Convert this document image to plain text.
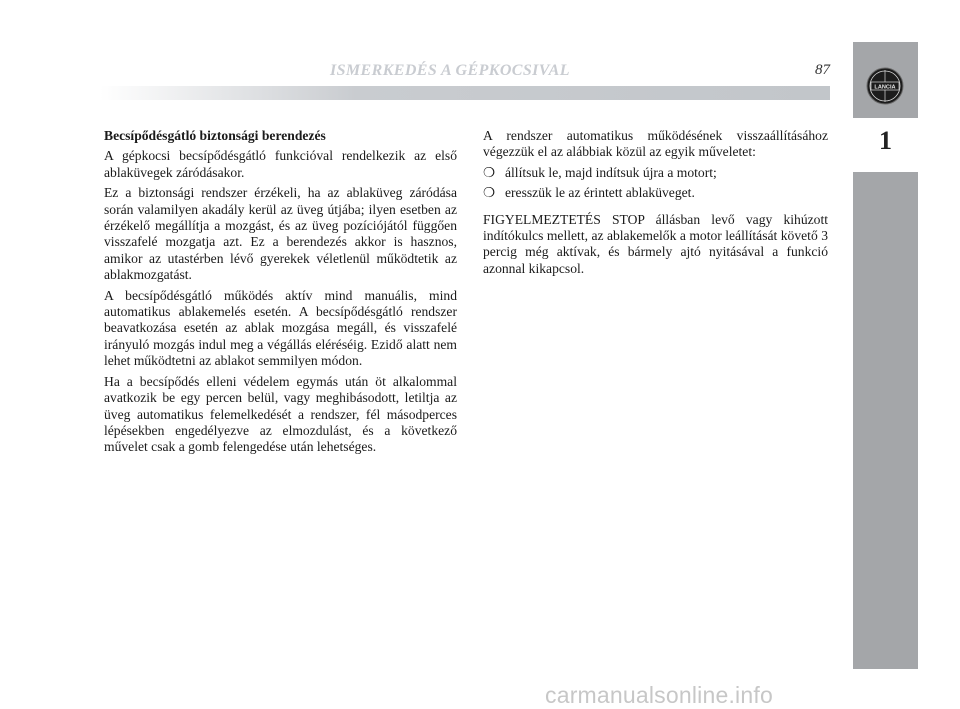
ISMERKEDÉS A GÉPKOCSIVAL	87
LANCIA
1

Becsípődésgátló biztonsági berendezés

A gépkocsi becsípődésgátló funkcióval rendelkezik az első ablaküvegek záródásakor.

Ez a biztonsági rendszer érzékeli, ha az ablaküveg záródása során valamilyen akadály kerül az üveg útjába; ilyen esetben az érzékelő megállítja a mozgást, és az üveg pozíciójától függően visszafelé mozgatja azt. Ez a berendezés akkor is hasznos, amikor az utastérben lévő gyerekek véletlenül működtetik az ablakmozgatást.

A becsípődésgátló működés aktív mind manuális, mind automatikus ablakemelés esetén. A becsípődésgátló rendszer beavatkozása esetén az ablak mozgása megáll, és visszafelé irányuló mozgás indul meg a végállás eléréséig. Ezidő alatt nem lehet működtetni az ablakot semmilyen módon.

Ha a becsípődés elleni védelem egymás után öt alkalommal avatkozik be egy percen belül, vagy meghibásodott, letiltja az üveg automatikus felemelkedését a rendszer, fél másodperces lépésekben engedélyezve az elmozdulást, és a következő művelet csak a gomb felengedése után lehetséges.

A rendszer automatikus működésének visszaállításához végezzük el az alábbiak közül az egyik műveletet:

❍ állítsuk le, majd indítsuk újra a motort;
❍ eresszük le az érintett ablaküveget.

FIGYELMEZTETÉS STOP állásban levő vagy kihúzott indítókulcs mellett, az ablakemelők a motor leállítását követő 3 percig még aktívak, és bármely ajtó nyitásával a funkció azonnal kikapcsol.

carmanualsonline.info
